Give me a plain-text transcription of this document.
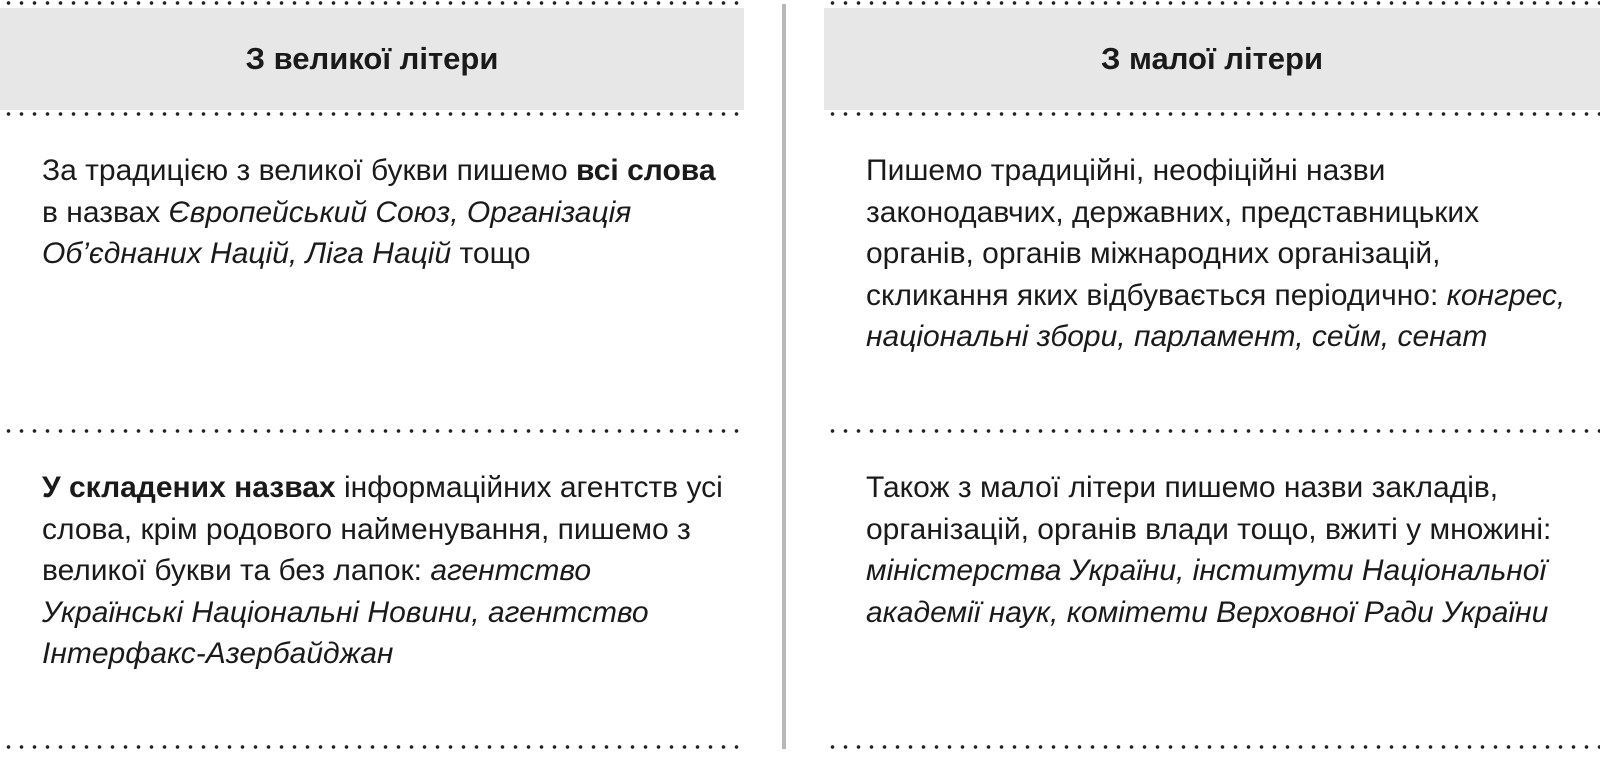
З великої літери
За традицією з великої букви пишемо всі слова в назвах Європейський Союз, Організація Об’єднаних Націй, Ліга Націй тощо
У складених назвах інформаційних агентств усі слова, крім родового найменування, пишемо з великої букви та без лапок: агентство Українські Національні Новини, агентство Інтерфакс-Азербайджан
З малої літери
Пишемо традиційні, неофіційні назви законодавчих, державних, представницьких органів, органів міжнародних організацій, скликання яких відбувається періодично: конгрес, національні збори, парламент, сейм, сенат
Також з малої літери пишемо назви закладів, організацій, органів влади тощо, вжиті у множині: міністерства України, інститути Національної академії наук, комітети Верховної Ради України
